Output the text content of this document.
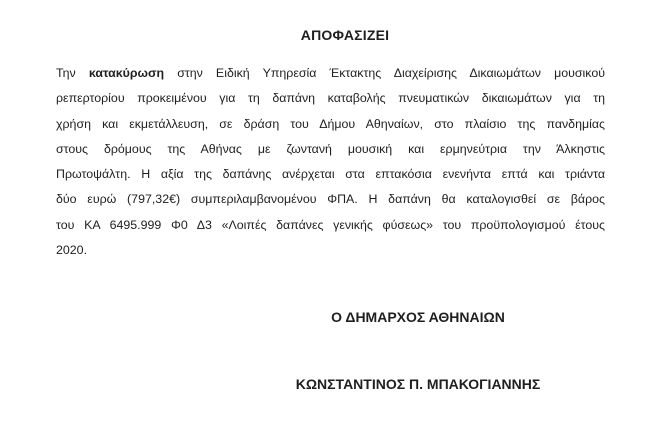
ΑΠΟΦΑΣΙΖΕΙ
Την κατακύρωση στην Ειδική Υπηρεσία Έκτακτης Διαχείρισης Δικαιωμάτων μουσικού
ρεπερτορίου προκειμένου για τη δαπάνη καταβολής πνευματικών δικαιωμάτων για τη
χρήση και εκμετάλλευση, σε δράση του Δήμου Αθηναίων, στο πλαίσιο της πανδημίας
στους δρόμους της Αθήνας με ζωντανή μουσική και ερμηνεύτρια την Άλκηστις
Πρωτοψάλτη. Η αξία της δαπάνης ανέρχεται στα επτακόσια ενενήντα επτά και τριάντα
δύο ευρώ (797,32€) συμπεριλαμβανομένου ΦΠΑ. Η δαπάνη θα καταλογισθεί σε βάρος
του ΚΑ 6495.999 Φ0 Δ3 «Λοιπές δαπάνες γενικής φύσεως» του προϋπολογισμού έτους
2020.
Ο ΔΗΜΑΡΧΟΣ ΑΘΗΝΑΙΩΝ
ΚΩΝΣΤΑΝΤΙΝΟΣ Π. ΜΠΑΚΟΓΙΑΝΝΗΣ
